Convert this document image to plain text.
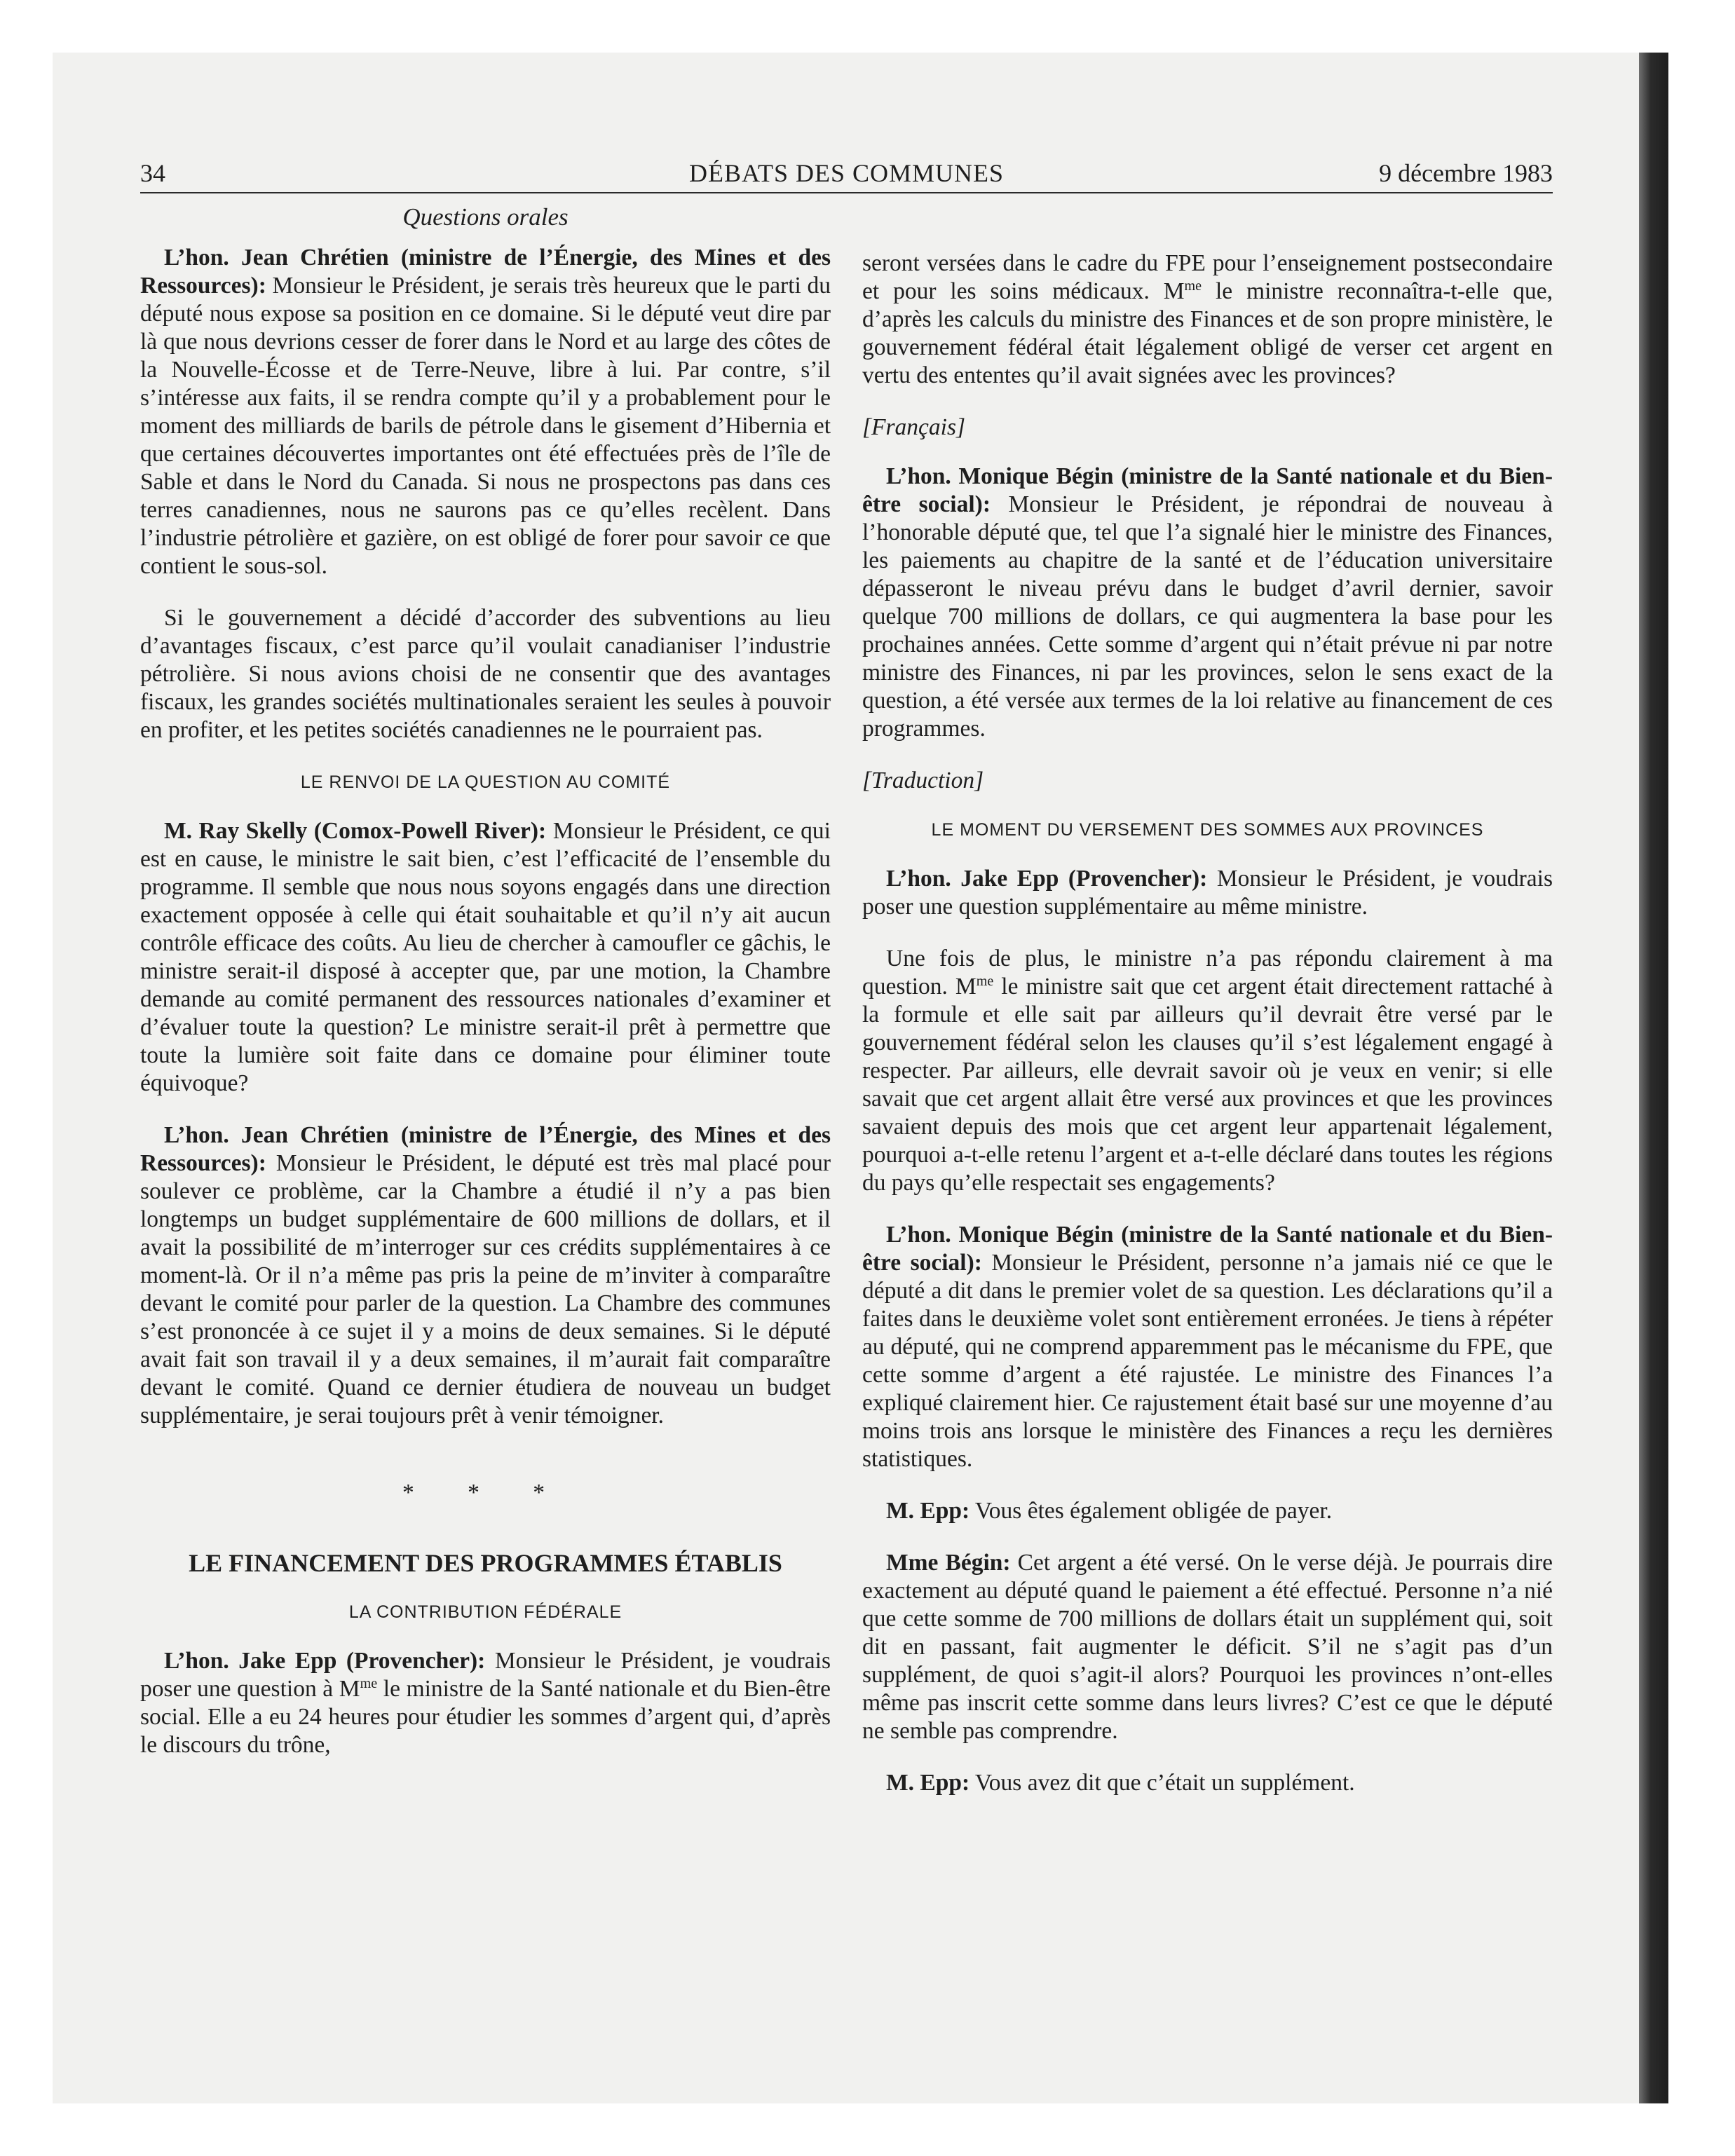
34	DÉBATS DES COMMUNES	9 décembre 1983
Questions orales

L’hon. Jean Chrétien (ministre de l’Énergie, des Mines et des Ressources): Monsieur le Président, je serais très heureux que le parti du député nous expose sa position en ce domaine. Si le député veut dire par là que nous devrions cesser de forer dans le Nord et au large des côtes de la Nouvelle-Écosse et de Terre-Neuve, libre à lui. Par contre, s’il s’intéresse aux faits, il se rendra compte qu’il y a probablement pour le moment des milliards de barils de pétrole dans le gisement d’Hibernia et que certaines découvertes importantes ont été effectuées près de l’île de Sable et dans le Nord du Canada. Si nous ne prospectons pas dans ces terres canadiennes, nous ne saurons pas ce qu’elles recèlent. Dans l’industrie pétrolière et gazière, on est obligé de forer pour savoir ce que contient le sous-sol.

Si le gouvernement a décidé d’accorder des subventions au lieu d’avantages fiscaux, c’est parce qu’il voulait canadianiser l’industrie pétrolière. Si nous avions choisi de ne consentir que des avantages fiscaux, les grandes sociétés multinationales seraient les seules à pouvoir en profiter, et les petites sociétés canadiennes ne le pourraient pas.

LE RENVOI DE LA QUESTION AU COMITÉ

M. Ray Skelly (Comox-Powell River): Monsieur le Président, ce qui est en cause, le ministre le sait bien, c’est l’efficacité de l’ensemble du programme. Il semble que nous nous soyons engagés dans une direction exactement opposée à celle qui était souhaitable et qu’il n’y ait aucun contrôle efficace des coûts. Au lieu de chercher à camoufler ce gâchis, le ministre serait-il disposé à accepter que, par une motion, la Chambre demande au comité permanent des ressources nationales d’examiner et d’évaluer toute la question? Le ministre serait-il prêt à permettre que toute la lumière soit faite dans ce domaine pour éliminer toute équivoque?

L’hon. Jean Chrétien (ministre de l’Énergie, des Mines et des Ressources): Monsieur le Président, le député est très mal placé pour soulever ce problème, car la Chambre a étudié il n’y a pas bien longtemps un budget supplémentaire de 600 millions de dollars, et il avait la possibilité de m’interroger sur ces crédits supplémentaires à ce moment-là. Or il n’a même pas pris la peine de m’inviter à comparaître devant le comité pour parler de la question. La Chambre des communes s’est prononcée à ce sujet il y a moins de deux semaines. Si le député avait fait son travail il y a deux semaines, il m’aurait fait comparaître devant le comité. Quand ce dernier étudiera de nouveau un budget supplémentaire, je serai toujours prêt à venir témoigner.

* * *

LE FINANCEMENT DES PROGRAMMES ÉTABLIS

LA CONTRIBUTION FÉDÉRALE

L’hon. Jake Epp (Provencher): Monsieur le Président, je voudrais poser une question à $M^{me}$ le ministre de la Santé nationale et du Bien-être social. Elle a eu 24 heures pour étudier les sommes d’argent qui, d’après le discours du trône,

seront versées dans le cadre du FPE pour l’enseignement postsecondaire et pour les soins médicaux. $M^{me}$ le ministre reconnaîtra-t-elle que, d’après les calculs du ministre des Finances et de son propre ministère, le gouvernement fédéral était légalement obligé de verser cet argent en vertu des ententes qu’il avait signées avec les provinces?

[Français]

L’hon. Monique Bégin (ministre de la Santé nationale et du Bien-être social): Monsieur le Président, je répondrai de nouveau à l’honorable député que, tel que l’a signalé hier le ministre des Finances, les paiements au chapitre de la santé et de l’éducation universitaire dépasseront le niveau prévu dans le budget d’avril dernier, savoir quelque 700 millions de dollars, ce qui augmentera la base pour les prochaines années. Cette somme d’argent qui n’était prévue ni par notre ministre des Finances, ni par les provinces, selon le sens exact de la question, a été versée aux termes de la loi relative au financement de ces programmes.

[Traduction]

LE MOMENT DU VERSEMENT DES SOMMES AUX PROVINCES

L’hon. Jake Epp (Provencher): Monsieur le Président, je voudrais poser une question supplémentaire au même ministre.

Une fois de plus, le ministre n’a pas répondu clairement à ma question. $M^{me}$ le ministre sait que cet argent était directement rattaché à la formule et elle sait par ailleurs qu’il devrait être versé par le gouvernement fédéral selon les clauses qu’il s’est légalement engagé à respecter. Par ailleurs, elle devrait savoir où je veux en venir; si elle savait que cet argent allait être versé aux provinces et que les provinces savaient depuis des mois que cet argent leur appartenait légalement, pourquoi a-t-elle retenu l’argent et a-t-elle déclaré dans toutes les régions du pays qu’elle respectait ses engagements?

L’hon. Monique Bégin (ministre de la Santé nationale et du Bien-être social): Monsieur le Président, personne n’a jamais nié ce que le député a dit dans le premier volet de sa question. Les déclarations qu’il a faites dans le deuxième volet sont entièrement erronées. Je tiens à répéter au député, qui ne comprend apparemment pas le mécanisme du FPE, que cette somme d’argent a été rajustée. Le ministre des Finances l’a expliqué clairement hier. Ce rajustement était basé sur une moyenne d’au moins trois ans lorsque le ministère des Finances a reçu les dernières statistiques.

M. Epp: Vous êtes également obligée de payer.

Mme Bégin: Cet argent a été versé. On le verse déjà. Je pourrais dire exactement au député quand le paiement a été effectué. Personne n’a nié que cette somme de 700 millions de dollars était un supplément qui, soit dit en passant, fait augmenter le déficit. S’il ne s’agit pas d’un supplément, de quoi s’agit-il alors? Pourquoi les provinces n’ont-elles même pas inscrit cette somme dans leurs livres? C’est ce que le député ne semble pas comprendre.

M. Epp: Vous avez dit que c’était un supplément.
